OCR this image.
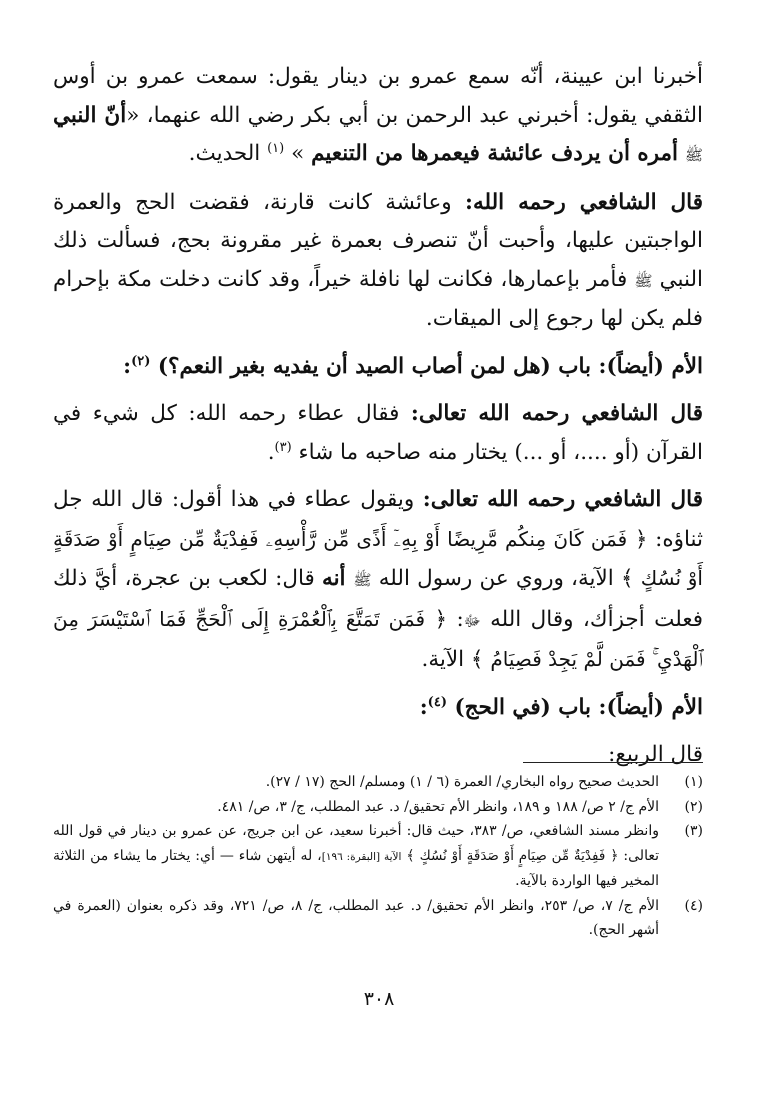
أخبرنا ابن عيينة، أنّه سمع عمرو بن دينار يقول: سمعت عمرو بن أوس الثقفي يقول: أخبرني عبد الرحمن بن أبي بكر رضي الله عنهما، «أنّ النبي ﷺ أمره أن يردف عائشة فيعمرها من التنعيم » $^{(١)}$ الحديث.

قال الشافعي رحمه الله: وعائشة كانت قارنة، فقضت الحج والعمرة الواجبتين عليها، وأحبت أنّ تنصرف بعمرة غير مقرونة بحج، فسألت ذلك النبي ﷺ فأمر بإعمارها، فكانت لها نافلة خيراً، وقد كانت دخلت مكة بإحرام فلم يكن لها رجوع إلى الميقات.

الأم (أيضاً): باب (هل لمن أصاب الصيد أن يفديه بغير النعم؟) $^{(٢)}$:

قال الشافعي رحمه الله تعالى: فقال عطاء رحمه الله: كل شيء في القرآن (أو ....، أو ...) يختار منه صاحبه ما شاء $^{(٣)}$.

قال الشافعي رحمه الله تعالى: ويقول عطاء في هذا أقول: قال الله جل ثناؤه: ﴿ فَمَن كَانَ مِنكُم مَّرِيضًا أَوْ بِهِۦٓ أَذًى مِّن رَّأْسِهِۦ فَفِدْيَةٌ مِّن صِيَامٍ أَوْ صَدَقَةٍ أَوْ نُسُكٍ ﴾ الآية، وروي عن رسول الله ﷺ أنه قال: لكعب بن عجرة، أيَّ ذلك فعلت أجزأك، وقال الله ﷻ: ﴿ فَمَن تَمَتَّعَ بِٱلْعُمْرَةِ إِلَى ٱلْحَجِّ فَمَا ٱسْتَيْسَرَ مِنَ ٱلْهَدْيِ ۚ فَمَن لَّمْ يَجِدْ فَصِيَامُ ﴾ الآية.

الأم (أيضاً): باب (في الحج) $^{(٤)}$:

قال الربيع:

(١)
الحديث صحيح رواه البخاري/ العمرة (٦ / ١) ومسلم/ الحج (١٧ / ٢٧).
(٢)
الأم ج/ ٢ ص/ ١٨٨ و ١٨٩، وانظر الأم تحقيق/ د. عبد المطلب، ج/ ٣، ص/ ٤٨١.
(٣)
وانظر مسند الشافعي، ص/ ٣٨٣، حيث قال: أخبرنا سعيد، عن ابن جريج، عن عمرو بن دينار في قول الله تعالى: ﴿ فَفِدْيَةٌ مِّن صِيَامٍ أَوْ صَدَقَةٍ أَوْ نُسُكٍ ﴾ الآية [البقرة: ١٩٦]، له أيتهن شاء — أي: يختار ما يشاء من الثلاثة المخير فيها الواردة بالآية.
(٤)
الأم ج/ ٧، ص/ ٢٥٣، وانظر الأم تحقيق/ د. عبد المطلب، ج/ ٨، ص/ ٧٢١، وقد ذكره بعنوان (العمرة في أشهر الحج).
٣٠٨
